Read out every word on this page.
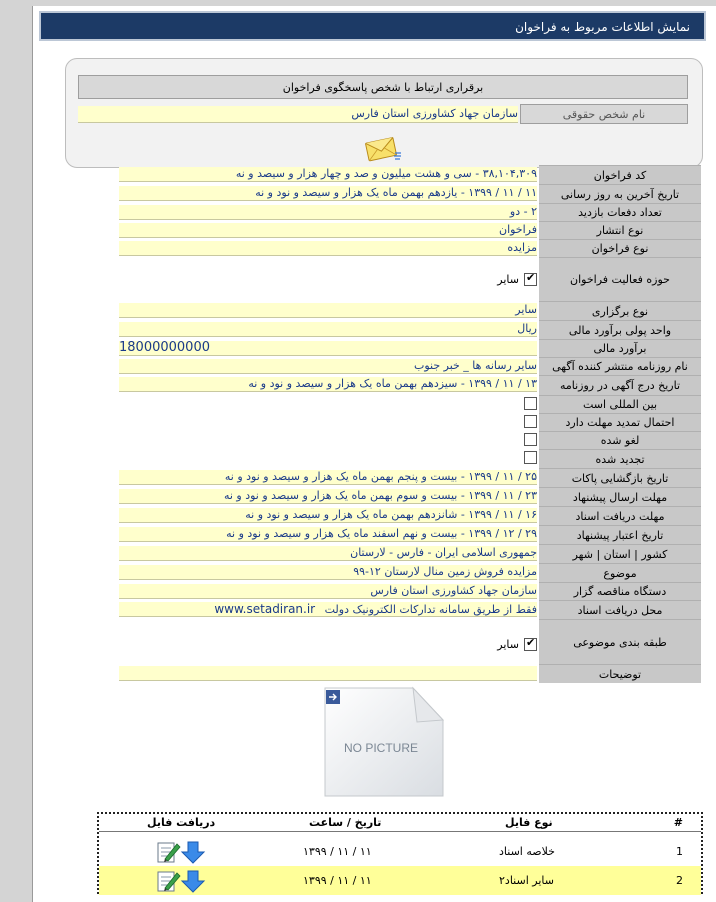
نمایش اطلاعات مربوط به فراخوان
برقراری ارتباط با شخص پاسخگوی فراخوان
نام شخص حقوقی
سازمان جهاد کشاورزی استان فارس
کد فراخوان
۳۸,۱۰۴,۳۰۹ - سی و هشت میلیون و صد و چهار هزار و سیصد و نه
تاریخ آخرین به روز رسانی
۱۱ / ۱۱ / ۱۳۹۹ - یازدهم بهمن ماه یک هزار و سیصد و نود و نه
تعداد دفعات بازدید
۲ - دو
نوع انتشار
فراخوان
نوع فراخوان
مزایده
حوزه فعالیت فراخوان
✔
سایر
نوع برگزاری
سایر
واحد پولی برآورد مالی
ریال
برآورد مالی
18000000000
نام روزنامه منتشر کننده آگهی
سایر رسانه ها _ خبر جنوب
تاریخ درج آگهی در روزنامه
۱۳ / ۱۱ / ۱۳۹۹ - سیزدهم بهمن ماه یک هزار و سیصد و نود و نه
بین المللی است
احتمال تمدید مهلت دارد
لغو شده
تجدید شده
تاریخ بازگشایی پاکات
۲۵ / ۱۱ / ۱۳۹۹ - بیست و پنجم بهمن ماه یک هزار و سیصد و نود و نه
مهلت ارسال پیشنهاد
۲۳ / ۱۱ / ۱۳۹۹ - بیست و سوم بهمن ماه یک هزار و سیصد و نود و نه
مهلت دریافت اسناد
۱۶ / ۱۱ / ۱۳۹۹ - شانزدهم بهمن ماه یک هزار و سیصد و نود و نه
تاریخ اعتبار پیشنهاد
۲۹ / ۱۲ / ۱۳۹۹ - بیست و نهم اسفند ماه یک هزار و سیصد و نود و نه
کشور | استان | شهر
جمهوری اسلامی ایران - فارس - لارستان
موضوع
مزایده فروش زمین منال لارستان ۱۲-۹۹
دستگاه مناقصه گزار
سازمان جهاد کشاورزی استان فارس
محل دریافت اسناد
فقط از طریق سامانه تدارکات الکترونیک دولت www.setadiran.ir
طبقه بندی موضوعی
✔
سایر
توضیحات
NO PICTURE
#
نوع فایل
تاریخ / ساعت
دریافت فایل
1
خلاصه اسناد
۱۱ / ۱۱ / ۱۳۹۹
2
سایر اسناد۲
۱۱ / ۱۱ / ۱۳۹۹
